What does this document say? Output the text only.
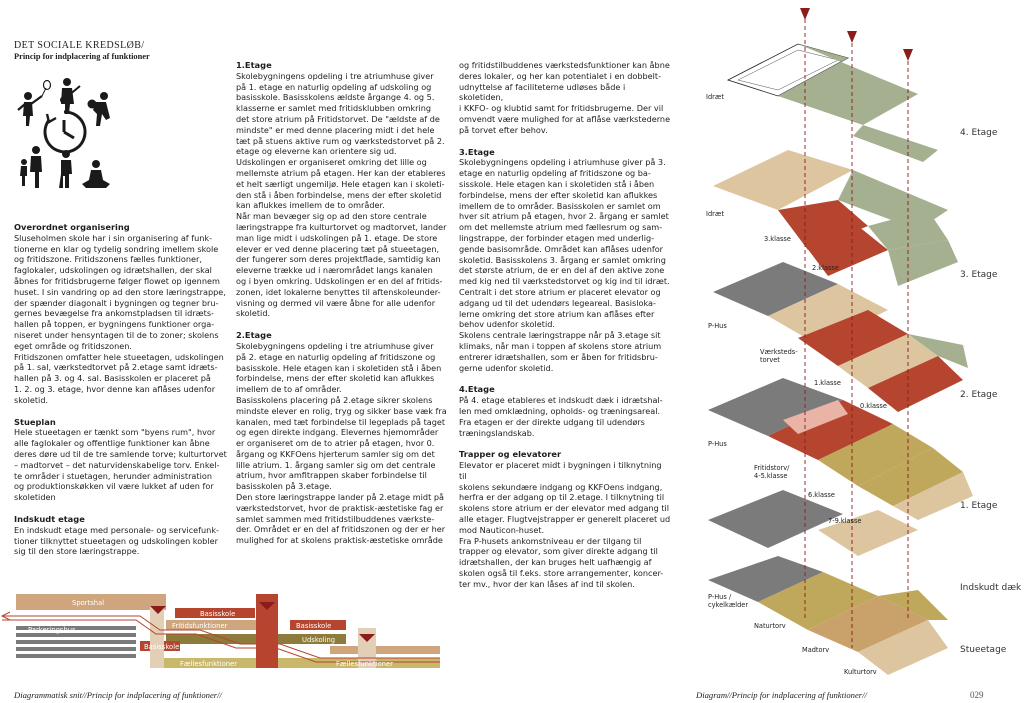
DET SOCIALE KREDSLØB/
Princip for indplacering af funktioner
Overordnet organisering

Sluseholmen skole har i sin organisering af funk-
tionerne en klar og tydelig sondring imellem skole
og fritidszone. Fritidszonens fælles funktioner,
faglokaler, udskolingen og idrætshallen, der skal
åbnes for fritidsbrugerne følger flowet op igennem
huset. I sin vandring op ad den store læringstrappe,
der spænder diagonalt i bygningen og tegner bru-
gernes bevægelse fra ankomstpladsen til idræts-
hallen på toppen, er bygningens funktioner orga-
niseret under hensyntagen til de to zoner; skolens
eget område og fritidszonen.
Fritidszonen omfatter hele stueetagen, udskolingen
på 1. sal, værkstedtorvet på 2.etage samt idræts-
hallen på 3. og 4. sal. Basisskolen er placeret på
1. 2. og 3. etage, hvor denne kan aflåses udenfor
skoletid.

Stueplan

Hele stueetagen er tænkt som "byens rum", hvor
alle faglokaler og offentlige funktioner kan åbne
deres døre ud til de tre samlende torve; kulturtorvet
– madtorvet – det naturvidenskabelige torv. Enkel-
te områder i stuetagen, herunder administration
og produktionskøkken vil være lukket af uden for
skoletiden

Indskudt etage

En indskudt etage med personale- og servicefunk-
tioner tilknyttet stueetagen og udskolingen kobler
sig til den store læringstrappe.

1.Etage

Skolebygningens opdeling i tre atriumhuse giver
på 1. etage en naturlig opdeling af udskoling og
basisskole. Basisskolens ældste årgange 4. og 5.
klasserne er samlet med fritidsklubben omkring
det store atrium på Fritidstorvet. De "ældste af de
mindste" er med denne placering midt i det hele
tæt på stuens aktive rum og værkstedstorvet på 2.
etage og eleverne kan orientere sig ud.
Udskolingen er organiseret omkring det lille og
mellemste atrium på etagen. Her kan der etableres
et helt særligt ungemiljø. Hele etagen kan i skoleti-
den stå i åben forbindelse, mens der efter skoletid
kan aflukkes imellem de to områder.
Når man bevæger sig op ad den store centrale
læringstrappe fra kulturtorvet og madtorvet, lander
man lige midt i udskolingen på 1. etage. De store
elever er ved denne placering tæt på stueetagen,
der fungerer som deres projektflade, samtidig kan
eleverne trække ud i nærområdet langs kanalen
og i byen omkring. Udskolingen er en del af fritids-
zonen, idet lokalerne benyttes til aftenskoleunder-
visning og dermed vil være åbne for alle udenfor
skoletid.

2.Etage

Skolebygningens opdeling i tre atriumhuse giver
på 2. etage en naturlig opdeling af fritidszone og
basisskole. Hele etagen kan i skoletiden stå i åben
forbindelse, mens der efter skoletid kan aflukkes
imellem de to af områder.
Basisskolens placering på 2.etage sikrer skolens
mindste elever en rolig, tryg og sikker base væk fra
kanalen, med tæt forbindelse til legeplads på taget
og egen direkte indgang. Elevernes hjemområder
er organiseret om de to atrier på etagen, hvor 0.
årgang og KKFOens hjerterum samler sig om det
lille atrium. 1. årgang samler sig om det centrale
atrium, hvor amfitrappen skaber forbindelse til
basisskolen på 3.etage.
Den store læringstrappe lander på 2.etage midt på
værkstedstorvet, hvor de praktisk-æstetiske fag er
samlet sammen med fritidstilbuddenes værkste-
der. Området er en del af fritidszonen og der er her
mulighed for at skolens praktisk-æstetiske område

og fritidstilbuddenes værkstedsfunktioner kan åbne
deres lokaler, og her kan potentialet i en dobbelt-
udnyttelse af faciliteterne udløses både i skoletiden,
i KKFO- og klubtid samt for fritidsbrugerne. Der vil
omvendt være mulighed for at aflåse værkstederne
på torvet efter behov.

3.Etage

Skolebygningens opdeling i atriumhuse giver på 3.
etage en naturlig opdeling af fritidszone og ba-
sisskole. Hele etagen kan i skoletiden stå i åben
forbindelse, mens der efter skoletid kan aflukkes
imellem de to områder. Basisskolen er samlet om
hver sit atrium på etagen, hvor 2. årgang er samlet
om det mellemste atrium med fællesrum og sam-
lingstrappe, der forbinder etagen med underlig-
gende basisområde. Området kan aflåses udenfor
skoletid. Basisskolens 3. årgang er samlet omkring
det største atrium, de er en del af den aktive zone
med kig ned til værkstedstorvet og kig ind til idræt.
Centralt i det store atrium er placeret elevator og
adgang ud til det udendørs legeareal. Basisloka-
lerne omkring det store atrium kan aflåses efter
behov udenfor skoletid.
Skolens centrale læringstrappe når på 3.etage sit
klimaks, når man i toppen af skolens store atrium
entrerer idrætshallen, som er åben for fritidsbru-
gerne udenfor skoletid.

4.Etage

På 4. etage etableres et indskudt dæk i idrætshal-
len med omklædning, opholds- og træningsareal.
Fra etagen er der direkte udgang til udendørs
træningslandskab.

Trapper og elevatorer

Elevator er placeret midt i bygningen i tilknytning til
skolens sekundære indgang og KKFOens indgang,
herfra er der adgang op til 2.etage. I tilknytning til
skolens store atrium er der elevator med adgang til
alle etager. Flugtvejstrapper er generelt placeret ud
mod Nauticon-huset.
Fra P-husets ankomstniveau er der tilgang til
trapper og elevator, som giver direkte adgang til
idrætshallen, der kan bruges helt uafhængig af
skolen også til f.eks. store arrangementer, koncer-
ter mv., hvor der kan låses af ind til skolen.

Sportshal
Parkeringshus
Basisskole
Fritidsfunktioner	Basisskole
Basisskole
Udskoling
Fællesfunktioner	Fællesfunktioner
Diagrammatisk snit//Princip for indplacering af funktioner//
4. Etage
3. Etage
2. Etage
1. Etage
Indskudt dæk
Stueetage
Idræt
Idræt
3.klasse
2.klasse
P-Hus
Værksteds-
torvet
1.klasse
0.klasse
P-Hus
Fritidstorv/
4-5.klasse
6.klasse
7-9.klasse
P-Hus /
cykelkælder
Naturtorv
Madtorv
Kulturtorv
Diagram//Princip for indplacering af funktioner//	029
